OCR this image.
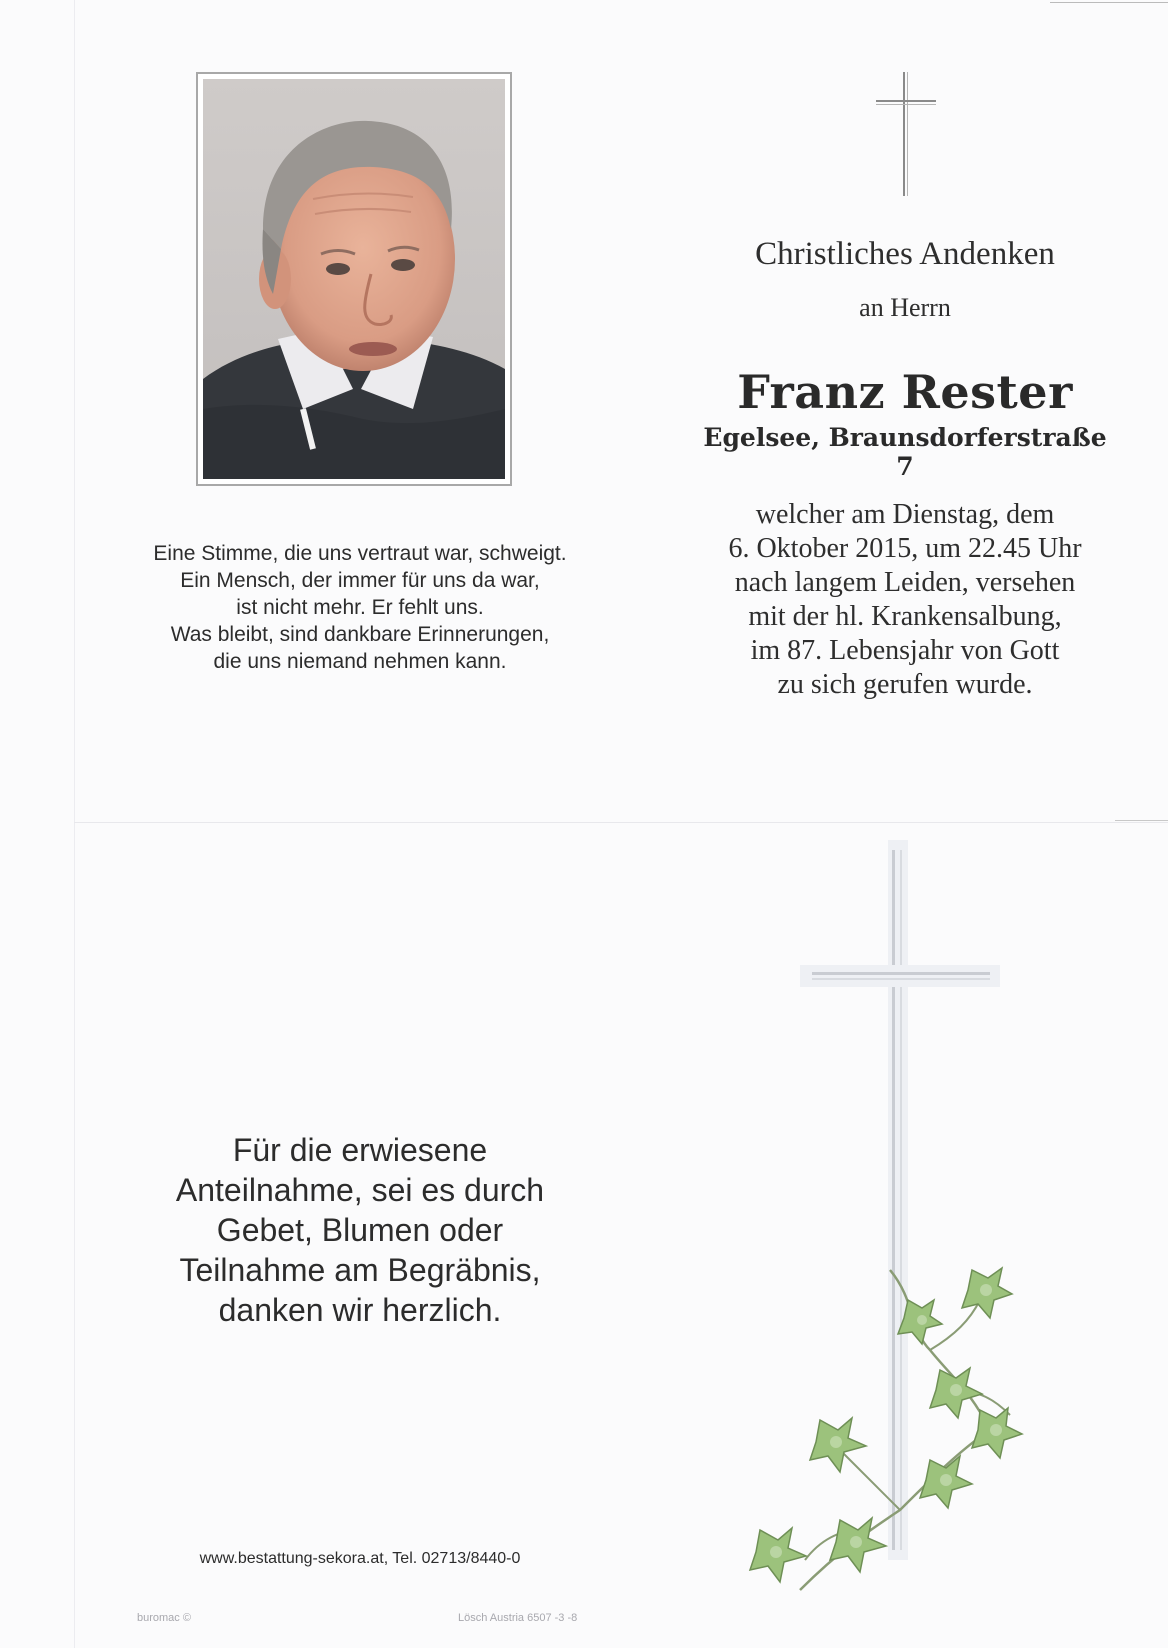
Christliches Andenken
an Herrn
Franz Rester
Egelsee, Braunsdorferstraße 7
welcher am Dienstag, dem
6. Oktober 2015, um 22.45 Uhr
nach langem Leiden, versehen
mit der hl. Krankensalbung,
im 87. Lebensjahr von Gott
zu sich gerufen wurde.
Eine Stimme, die uns vertraut war, schweigt.
Ein Mensch, der immer für uns da war,
ist nicht mehr. Er fehlt uns.
Was bleibt, sind dankbare Erinnerungen,
die uns niemand nehmen kann.
Für die erwiesene
Anteilnahme, sei es durch
Gebet, Blumen oder
Teilnahme am Begräbnis,
danken wir herzlich.
www.bestattung-sekora.at, Tel. 02713/8440-0
buromac ©	Lösch Austria 6507 -3 -8
